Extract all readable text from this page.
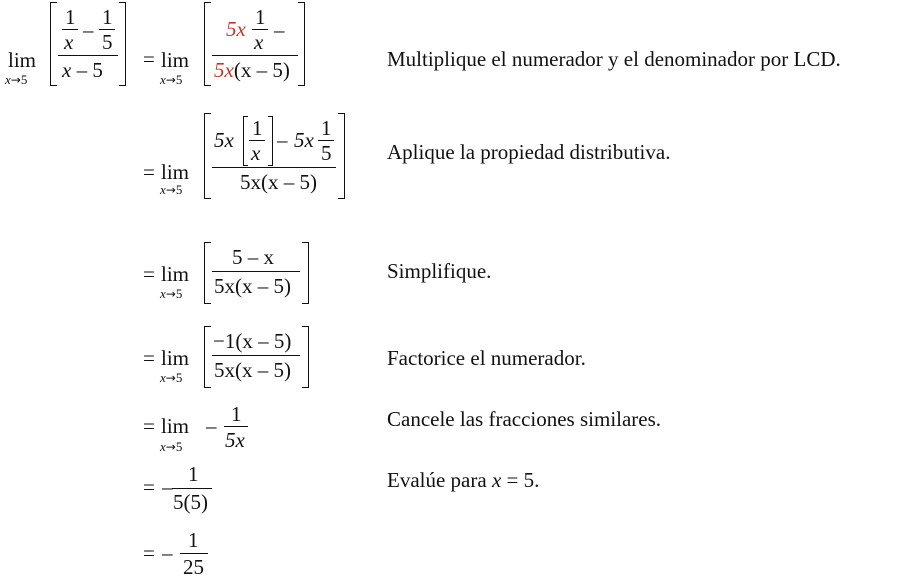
lim
x→5
1
x –
1
5
x – 5 = lim
x→5
5x 1
x –
5x(x – 5)	Multiplique el numerador y el denominador por LCD.
= lim
x→5
5x 1
x
– 5x 1
5
5x(x – 5)
Aplique la propiedad distributiva.
= lim
x→5
5 – x
5x(x – 5)
Simplifique.
= lim
x→5
−1(x – 5)
5x(x – 5)	Factorice el numerador.
= lim
x→5
– 1
5x
Cancele las fracciones similares.
= –
1
5(5)
Evalúe para x = 5.
= –
1
25
